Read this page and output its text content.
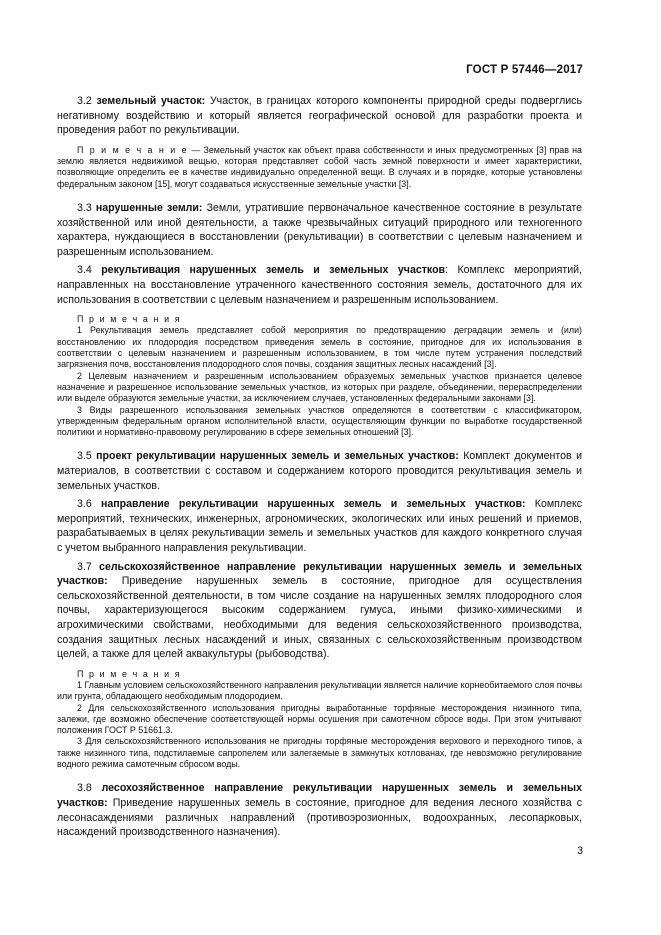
ГОСТ Р 57446—2017

3.2 земельный участок: Участок, в границах которого компоненты природной среды подверглись негативному воздействию и который является географической основой для разработки проекта и проведения работ по рекультивации.

П р и м е ч а н и е — Земельный участок как объект права собственности и иных предусмотренных [3] прав на землю является недвижимой вещью, которая представляет собой часть земной поверхности и имеет характеристики, позволяющие определить ее в качестве индивидуально определенной вещи. В случаях и в порядке, которые установлены федеральным законом [15], могут создаваться искусственные земельные участки [3].

3.3 нарушенные земли: Земли, утратившие первоначальное качественное состояние в результате хозяйственной или иной деятельности, а также чрезвычайных ситуаций природного или техногенного характера, нуждающиеся в восстановлении (рекультивации) в соответствии с целевым назначением и разрешенным использованием.

3.4 рекультивация нарушенных земель и земельных участков: Комплекс мероприятий, направленных на восстановление утраченного качественного состояния земель, достаточного для их использования в соответствии с целевым назначением и разрешенным использованием.

П р и м е ч а н и я

1 Рекультивация земель представляет собой мероприятия по предотвращению деградации земель и (или) восстановлению их плодородия посредством приведения земель в состояние, пригодное для их использования в соответствии с целевым назначением и разрешенным использованием, в том числе путем устранения последствий загрязнения почв, восстановления плодородного слоя почвы, создания защитных лесных насаждений [3].

2 Целевым назначением и разрешенным использованием образуемых земельных участков признается целевое назначение и разрешенное использование земельных участков, из которых при разделе, объединении, перераспределении или выделе образуются земельные участки, за исключением случаев, установленных федеральными законами [3].

3 Виды разрешенного использования земельных участков определяются в соответствии с классификатором, утвержденным федеральным органом исполнительной власти, осуществляющим функции по выработке государственной политики и нормативно-правовому регулированию в сфере земельных отношений [3].

3.5 проект рекультивации нарушенных земель и земельных участков: Комплект документов и материалов, в соответствии с составом и содержанием которого проводится рекультивация земель и земельных участков.

3.6 направление рекультивации нарушенных земель и земельных участков: Комплекс мероприятий, технических, инженерных, агрономических, экологических или иных решений и приемов, разрабатываемых в целях рекультивации земель и земельных участков для каждого конкретного случая с учетом выбранного направления рекультивации.

3.7 сельскохозяйственное направление рекультивации нарушенных земель и земельных участков: Приведение нарушенных земель в состояние, пригодное для осуществления сельскохозяйственной деятельности, в том числе создание на нарушенных землях плодородного слоя почвы, характеризующегося высоким содержанием гумуса, иными физико-химическими и агрохимическими свойствами, необходимыми для ведения сельскохозяйственного производства, создания защитных лесных насаждений и иных, связанных с сельскохозяйственным производством целей, а также для целей аквакультуры (рыбоводства).

П р и м е ч а н и я

1 Главным условием сельскохозяйственного направления рекультивации является наличие корнеобитаемого слоя почвы или грунта, обладающего необходимым плодородием.

2 Для сельскохозяйственного использования пригодны выработанные торфяные месторождения низинного типа, залежи, где возможно обеспечение соответствующей нормы осушения при самотечном сбросе воды. При этом учитывают положения ГОСТ Р 51661.3.

3 Для сельскохозяйственного использования не пригодны торфяные месторождения верхового и переходного типов, а также низинного типа, подстилаемые сапропелем или залегаемые в замкнутых котлованах, где невозможно регулирование водного режима самотечным сбросом воды.

3.8 лесохозяйственное направление рекультивации нарушенных земель и земельных участков: Приведение нарушенных земель в состояние, пригодное для ведения лесного хозяйства с лесонасаждениями различных направлений (противоэрозионных, водоохранных, лесопарковых, насаждений производственного назначения).

3
